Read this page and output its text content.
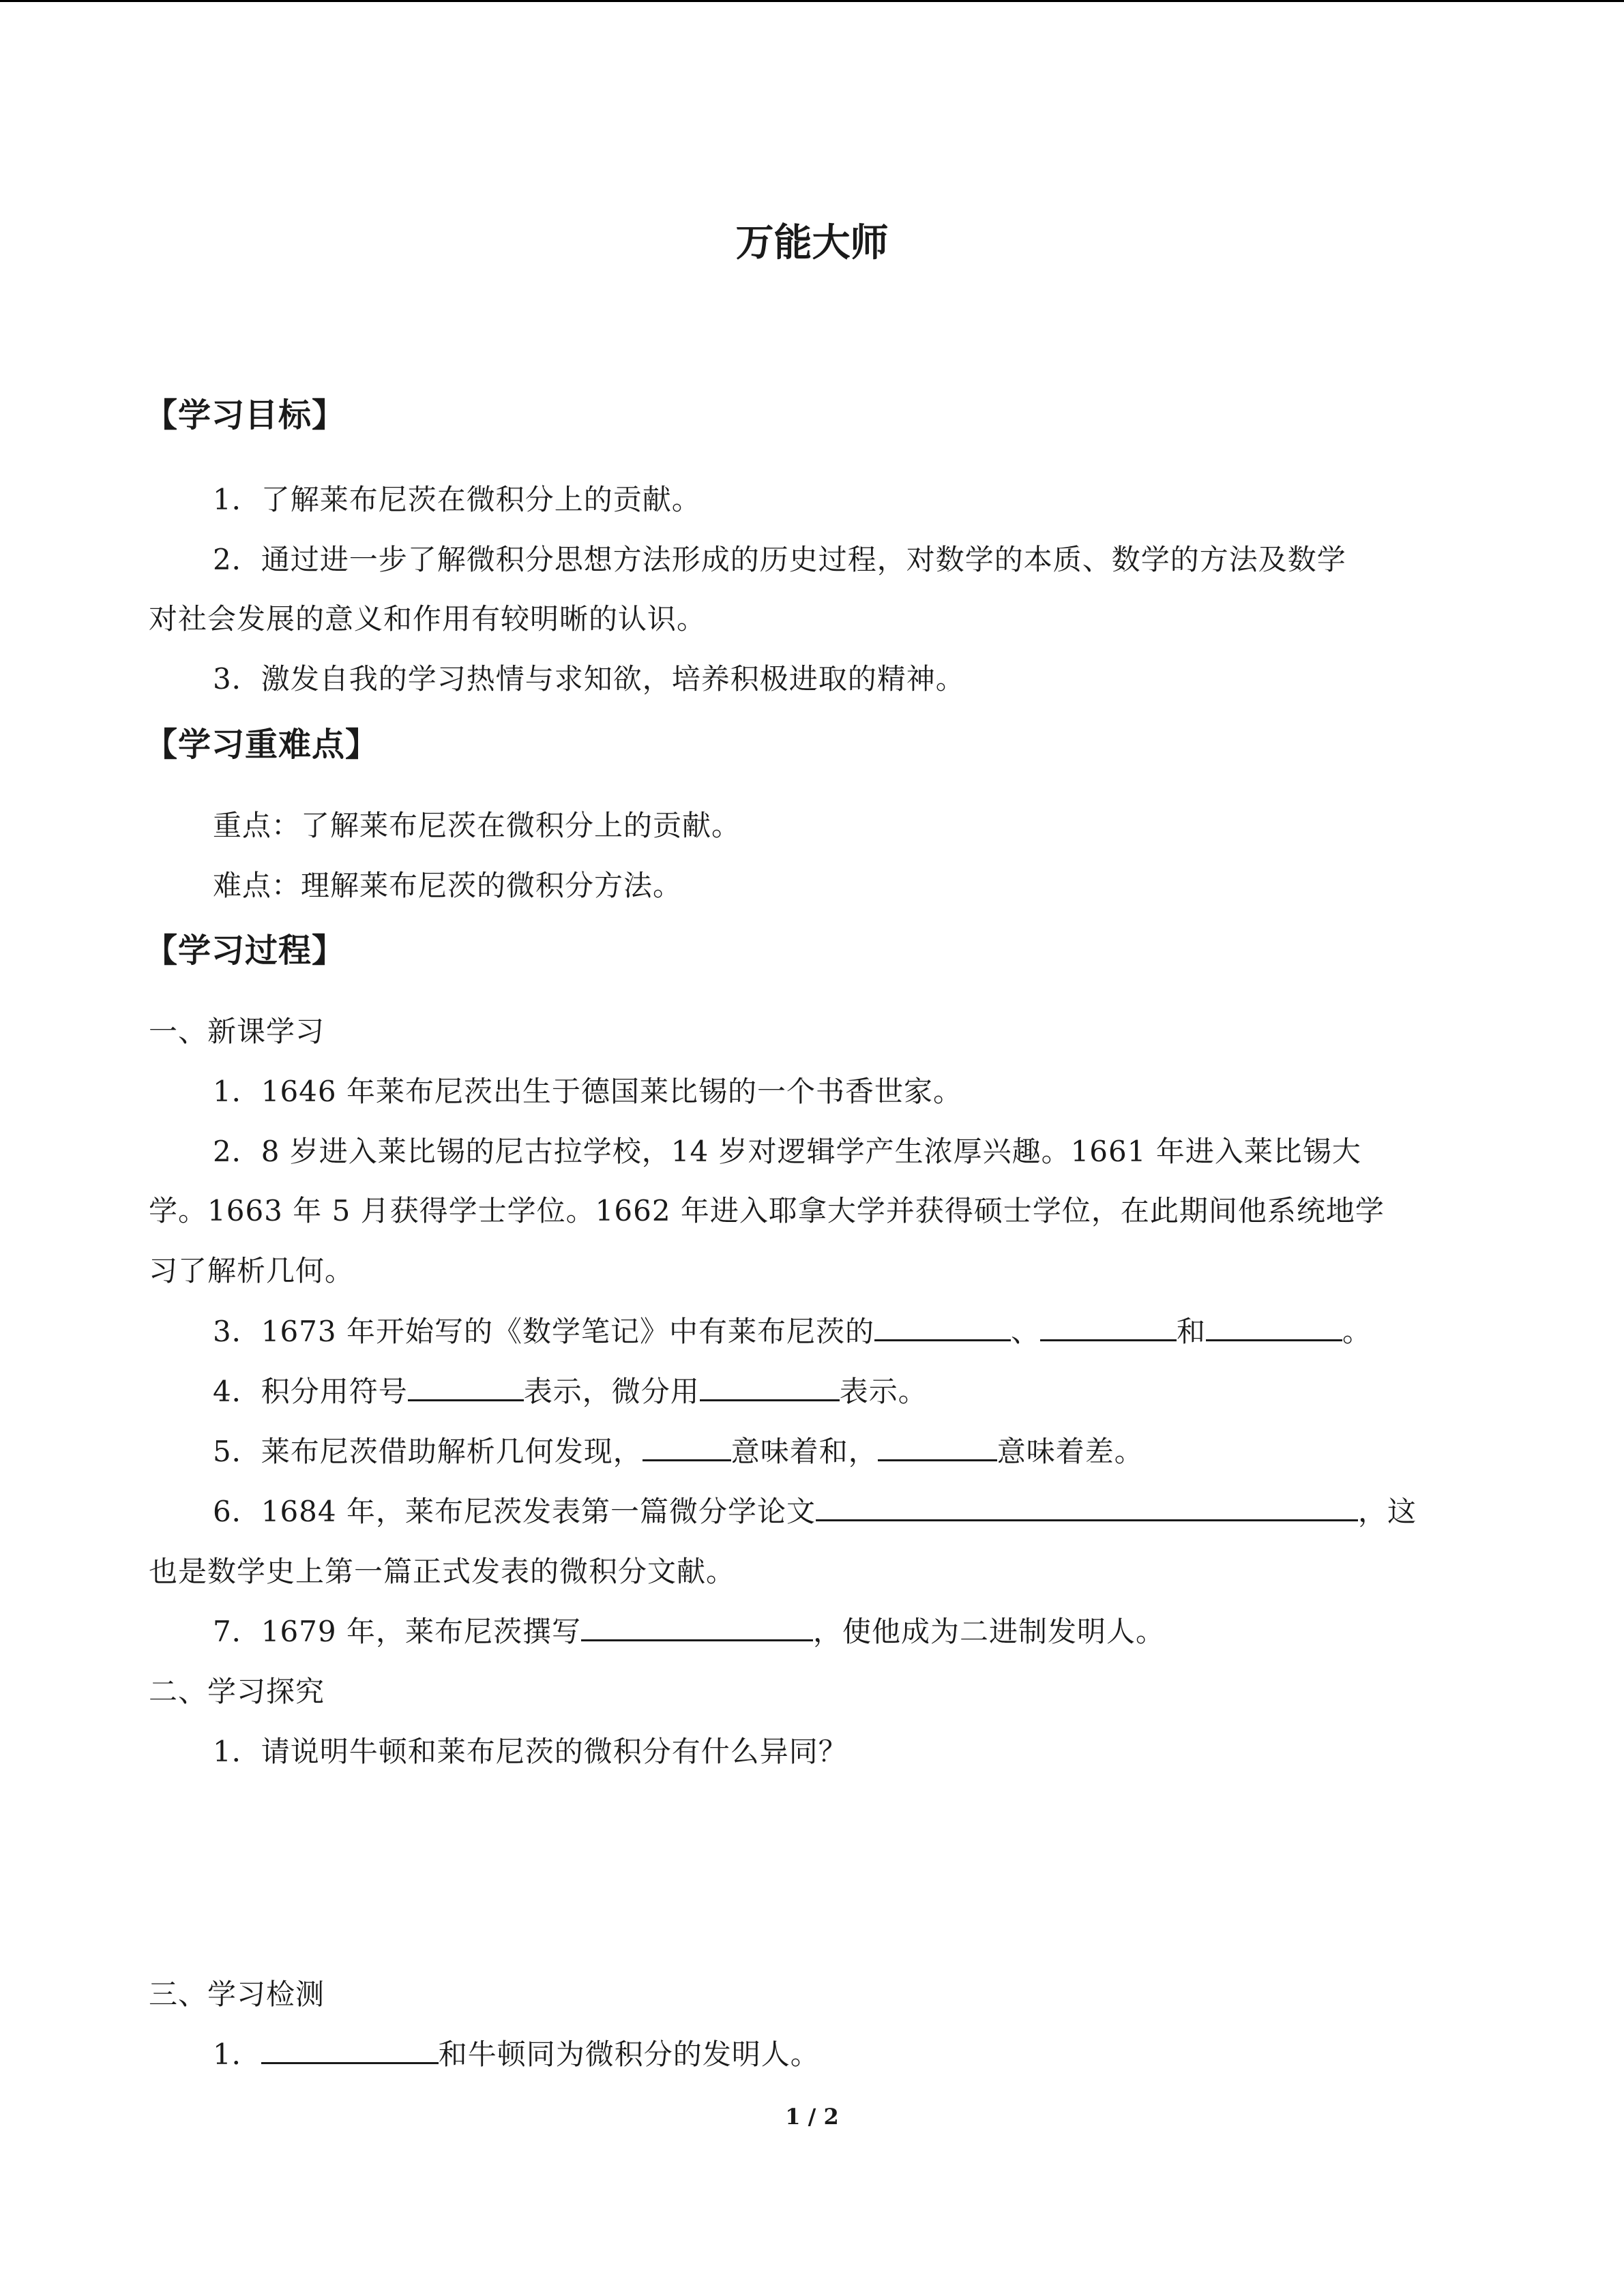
万能大师
【学习目标】
1．了解莱布尼茨在微积分上的贡献。
2．通过进一步了解微积分思想方法形成的历史过程，对数学的本质、数学的方法及数学
对社会发展的意义和作用有较明晰的认识。
3．激发自我的学习热情与求知欲，培养积极进取的精神。
【学习重难点】
重点：了解莱布尼茨在微积分上的贡献。
难点：理解莱布尼茨的微积分方法。
【学习过程】
一、新课学习
1．1646 年莱布尼茨出生于德国莱比锡的一个书香世家。
2．8 岁进入莱比锡的尼古拉学校，14 岁对逻辑学产生浓厚兴趣。1661 年进入莱比锡大
学。1663 年 5 月获得学士学位。1662 年进入耶拿大学并获得硕士学位，在此期间他系统地学
习了解析几何。
3．1673 年开始写的《数学笔记》中有莱布尼茨的	、	和	。
4．积分用符号	表示，微分用	表示。
5．莱布尼茨借助解析几何发现，	意味着和，	意味着差。
6．1684 年，莱布尼茨发表第一篇微分学论文	，这
也是数学史上第一篇正式发表的微积分文献。
7．1679 年，莱布尼茨撰写	，使他成为二进制发明人。
二、学习探究
1．请说明牛顿和莱布尼茨的微积分有什么异同？
三、学习检测
1．	和牛顿同为微积分的发明人。
1 / 2
